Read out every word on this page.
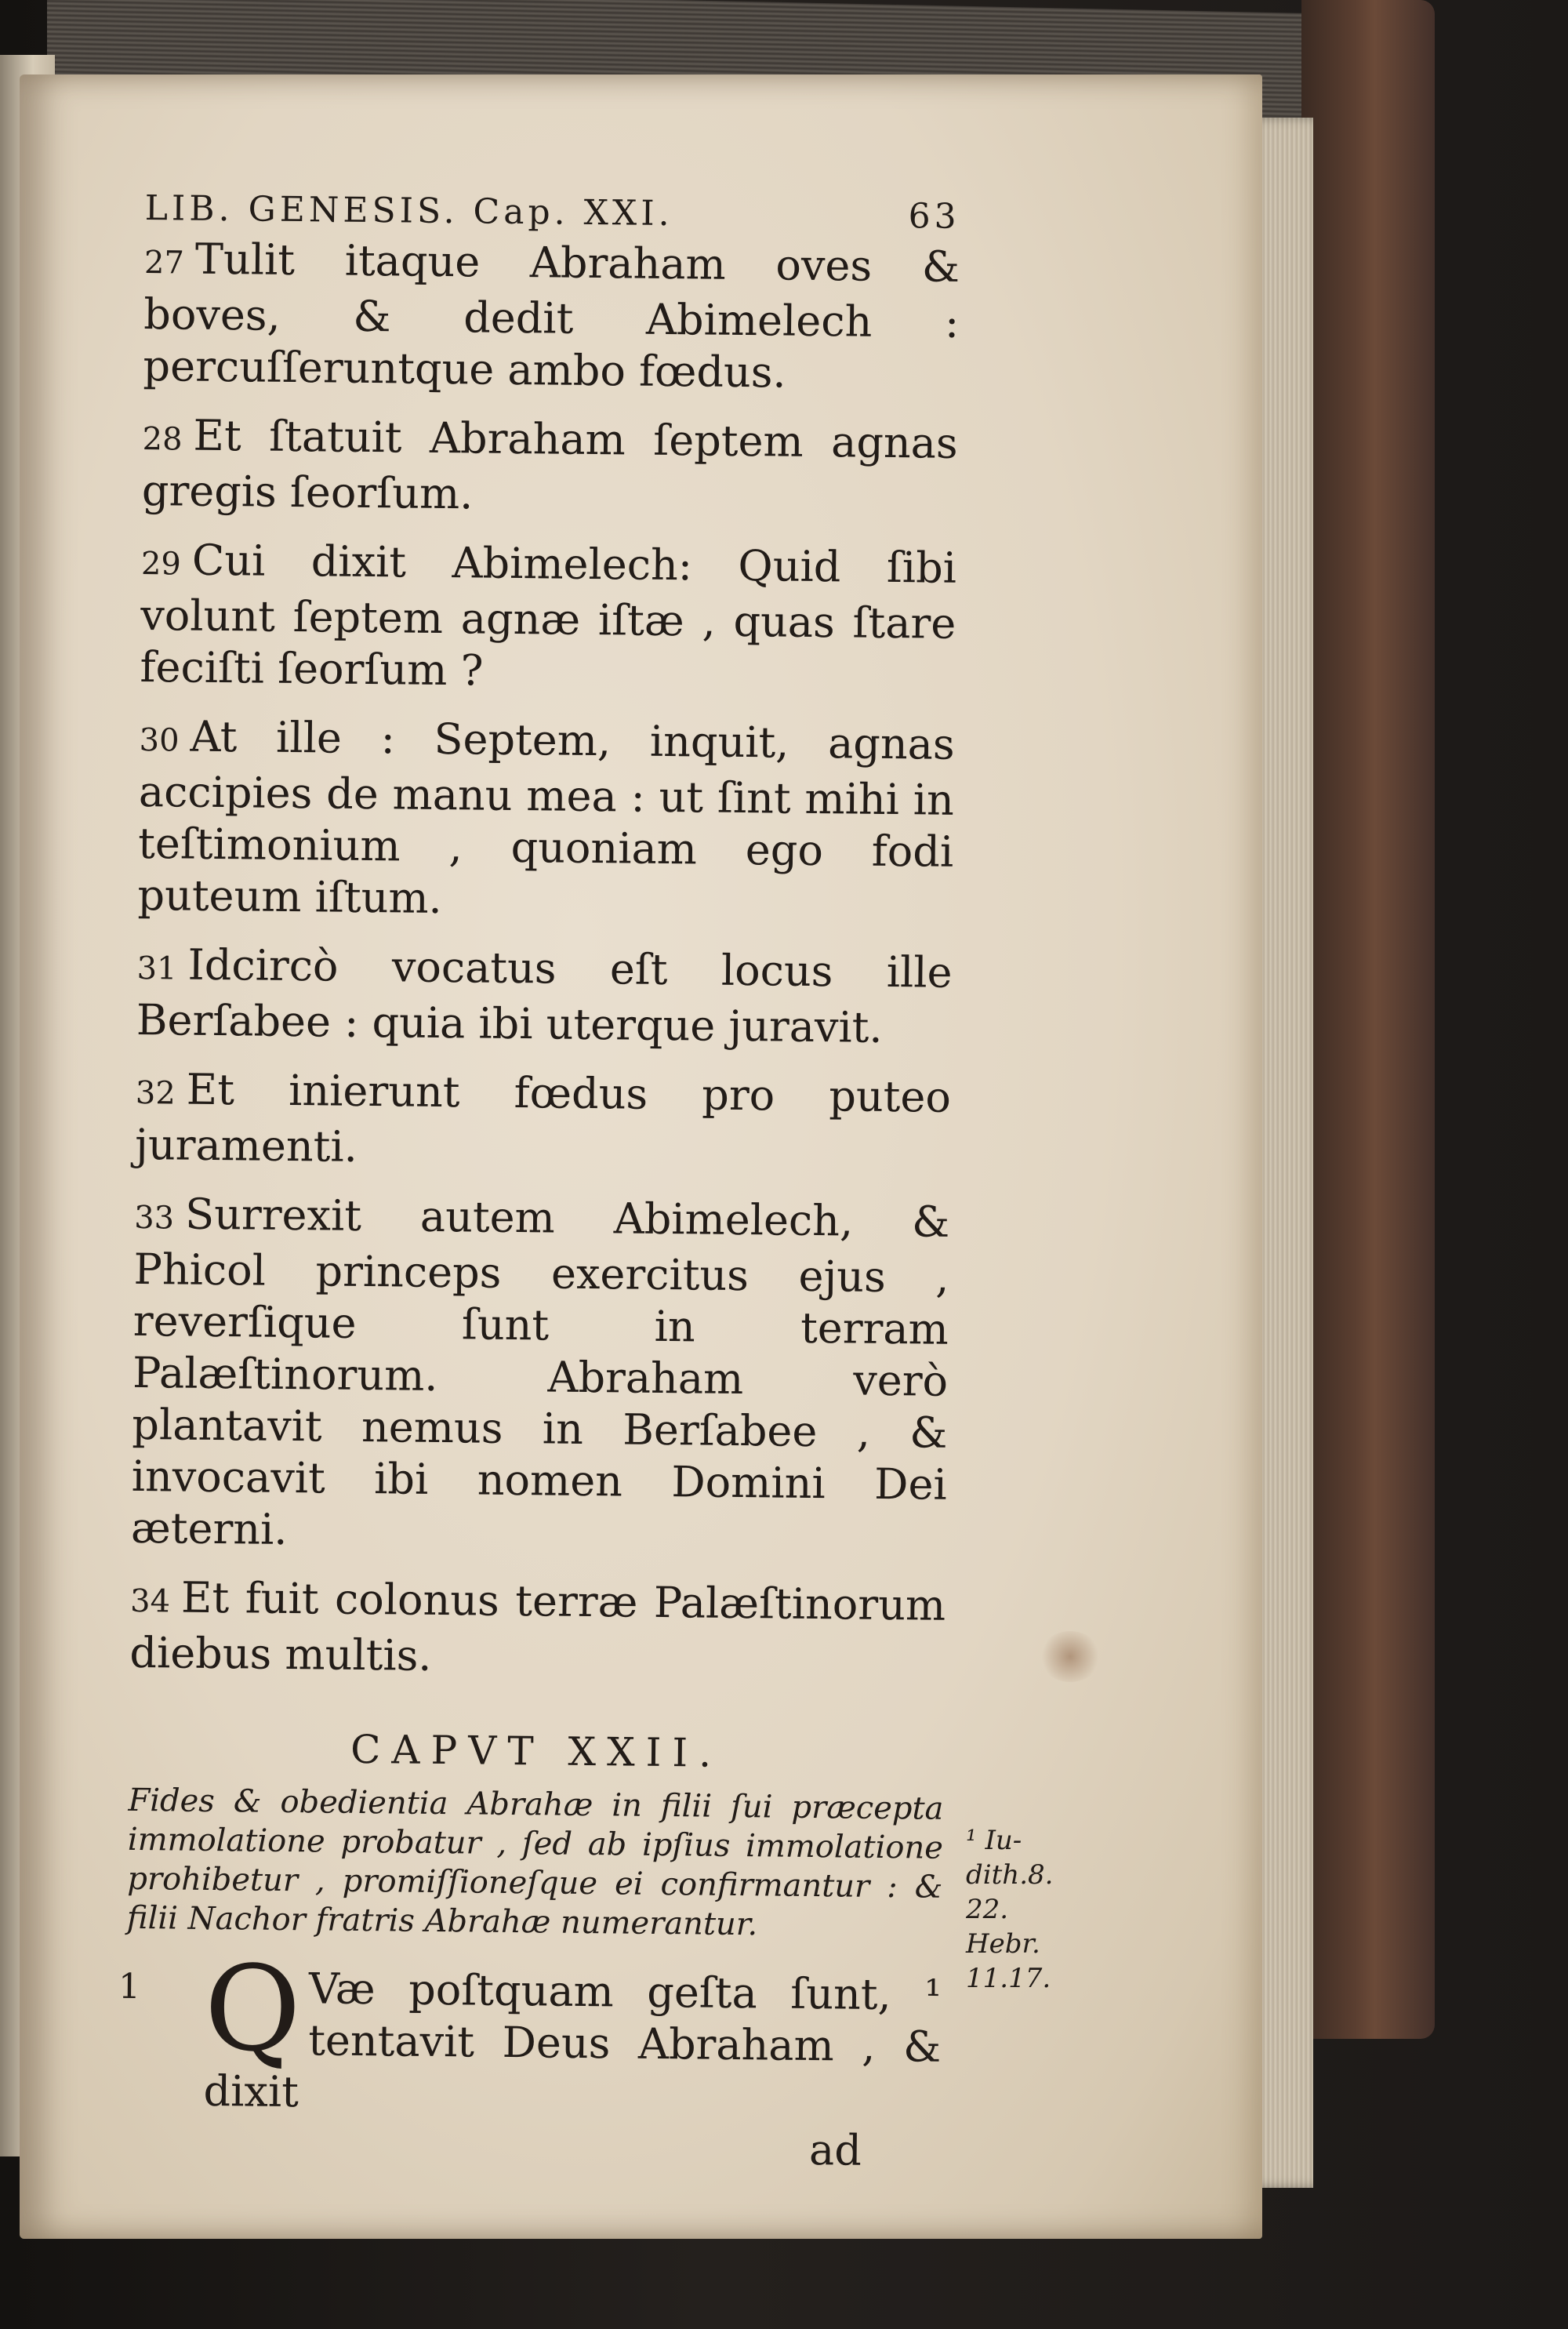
LIB. GENESIS. Cap. XXI.	63

27 Tulit itaque Abraham oves & boves, & dedit Abimelech : percuſſeruntque ambo fœdus.

28 Et ſtatuit Abraham ſeptem agnas gregis ſeorſum.

29 Cui dixit Abimelech: Quid ſibi volunt ſeptem agnæ iſtæ , quas ſtare feciſti ſeorſum ?

30 At ille : Septem, inquit, agnas accipies de manu mea : ut ſint mihi in teſtimonium , quoniam ego fodi puteum iſtum.

31 Idcircò vocatus eſt locus ille Berſabee : quia ibi uterque juravit.

32 Et inierunt fœdus pro puteo juramenti.

33 Surrexit autem Abimelech, & Phicol princeps exercitus ejus , reverſique ſunt in terram Palæſtinorum. Abraham verò plantavit nemus in Berſabee , & invocavit ibi nomen Domini Dei æterni.

34 Et fuit colonus terræ Palæſtinorum diebus multis.

CAPVT XXII.

Fides & obedientia Abrahæ in filii ſui præcepta immolatione probatur , ſed ab ipſius immolatione prohibetur , promiſſioneſque ei confirmantur : & filii Nachor fratris Abrahæ numerantur.

1 Q Væ poſtquam geſta ſunt, ¹ tentavit Deus Abraham , & dixit
ad
¹ Iu-
dith.8.
22.
Hebr.
11.17.
